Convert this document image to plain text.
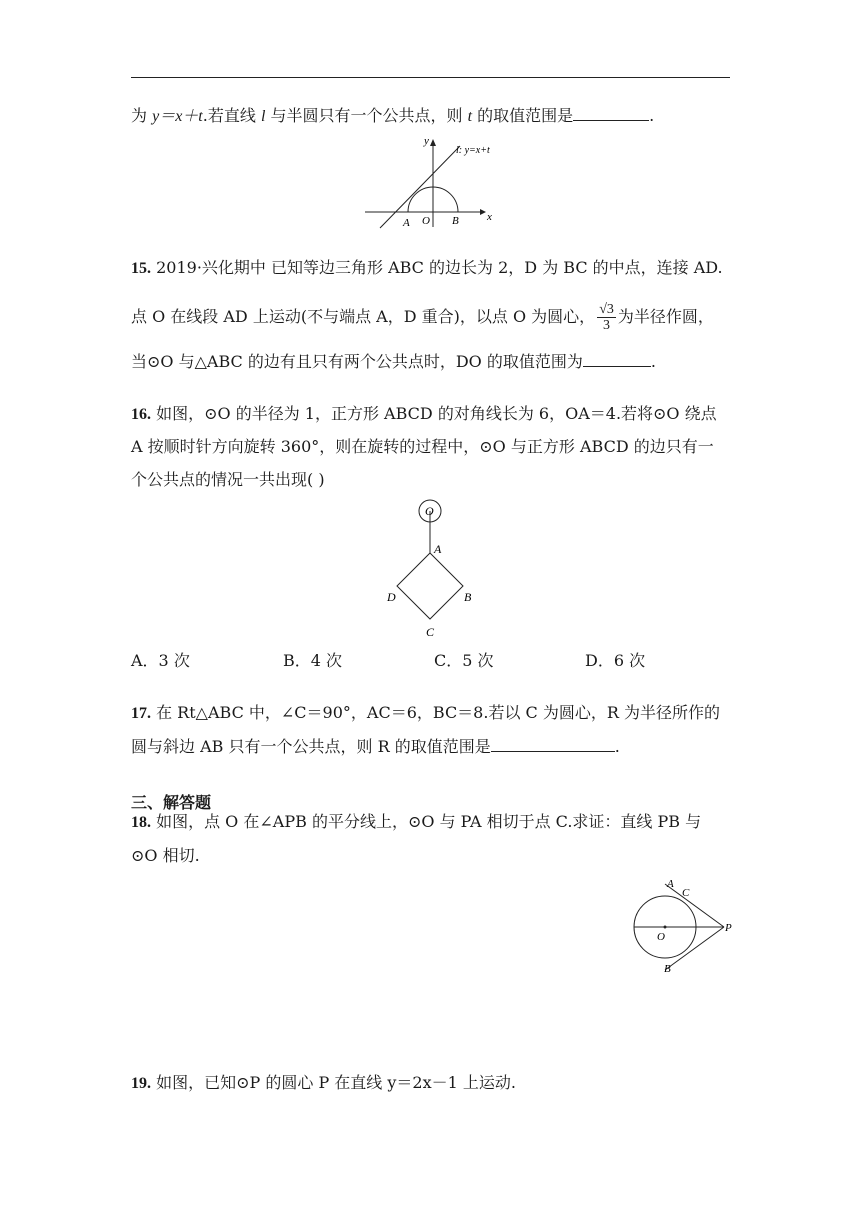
为 y＝x＋t.若直线 l 与半圆只有一个公共点，则 t 的取值范围是	.
y
x
l: y=x+t
A O B
15. 2019·兴化期中 已知等边三角形 ABC 的边长为 2，D 为 BC 的中点，连接 AD.
点 O 在线段 AD 上运动(不与端点 A，D 重合)，以点 O 为圆心， $\frac{√3}{3}$ 为半径作圆，
当⊙O 与△ABC 的边有且只有两个公共点时，DO 的取值范围为	.
16. 如图，⊙O 的半径为 1，正方形 ABCD 的对角线长为 6，OA＝4.若将⊙O 绕点
A 按顺时针方向旋转 360°，则在旋转的过程中，⊙O 与正方形 ABCD 的边只有一
个公共点的情况一共出现( )
O
A
B
C
D
A．3 次	B．4 次	C．5 次	D．6 次
17. 在 Rt△ABC 中，∠C＝90°，AC＝6，BC＝8.若以 C 为圆心，R 为半径所作的
圆与斜边 AB 只有一个公共点，则 R 的取值范围是	.
三、解答题
18. 如图，点 O 在∠APB 的平分线上，⊙O 与 PA 相切于点 C.求证：直线 PB 与
⊙O 相切.
A
C
O
P
B
19. 如图，已知⊙P 的圆心 P 在直线 y＝2x－1 上运动.
